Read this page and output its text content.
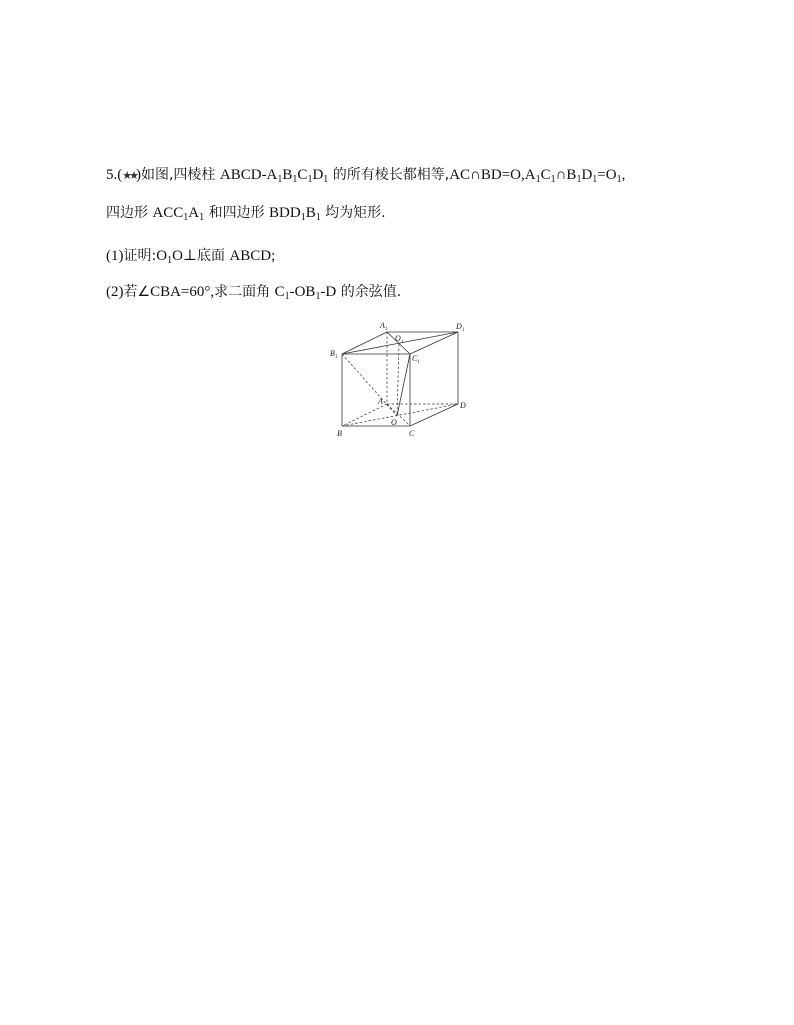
5.(★★)如图,四棱柱 ABCD-$A_1B_1C_1D_1$ 的所有棱长都相等$,AC\cap BD=O,A_1C_1\cap B_1D_1=O_1$,
四边形 $ACC_1A_1$ 和四边形 $BDD_1B_1$ 均为矩形.
(1)证明$:O_1O\perp$底面 ABCD;
(2)若∠CBA=60°,求二面角 $C_1-OB_1-D$ 的余弦值.
A 1
O 1
D 1
B 1	C 1
A
O
D
B	C
